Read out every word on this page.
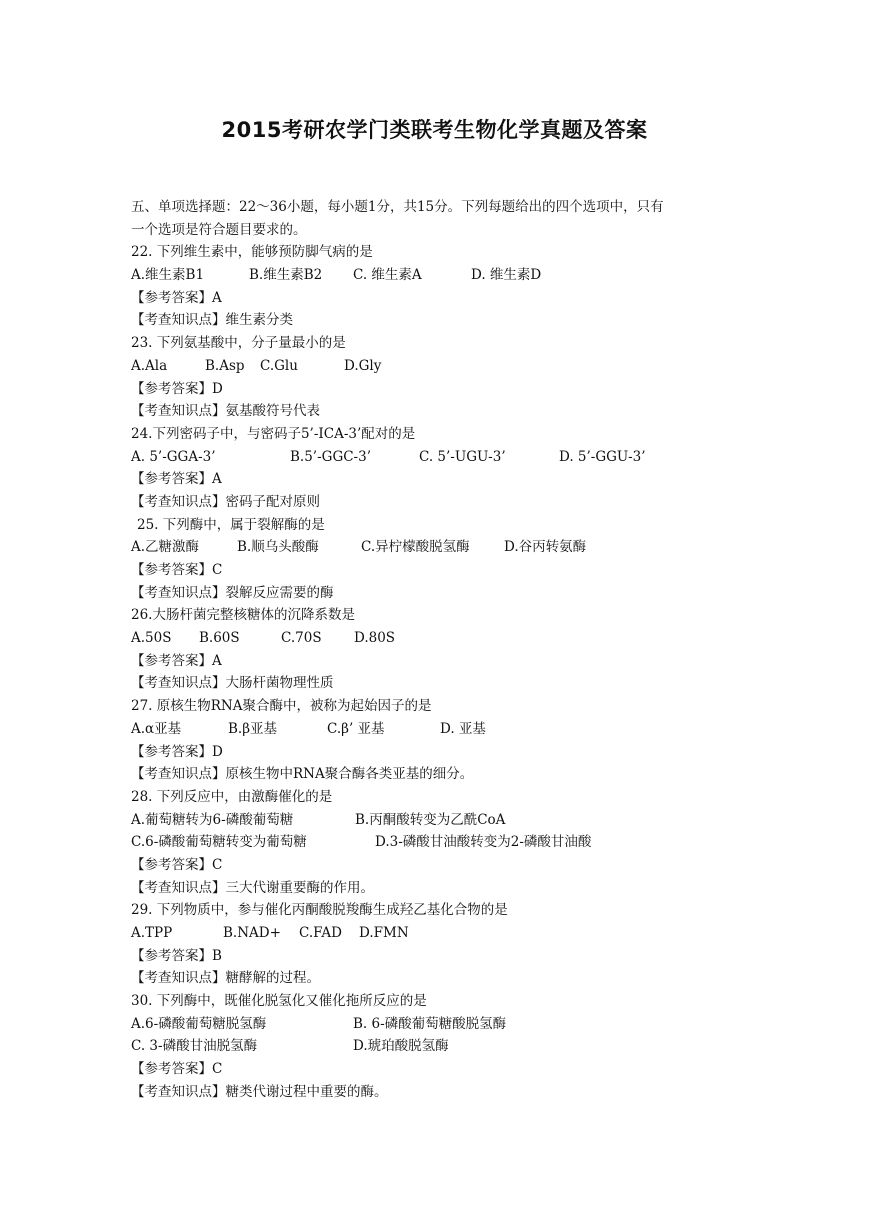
2015考研农学门类联考生物化学真题及答案
五、单项选择题：22～36小题，每小题1分，共15分。下列每题给出的四个选项中，只有
一个选项是符合题目要求的。
22. 下列维生素中，能够预防脚气病的是
A.维生素B1	B.维生素B2 C. 维生素A	D. 维生素D
【参考答案】A
【考查知识点】维生素分类
23. 下列氨基酸中，分子量最小的是
A.Ala	B.Asp C.Glu	D.Gly
【参考答案】D
【考查知识点】氨基酸符号代表
24.下列密码子中，与密码子5’-ICA-3’配对的是
A. 5’-GGA-3’	B.5’-GGC-3’	C. 5’-UGU-3’	D. 5’-GGU-3’
【参考答案】A
【考查知识点】密码子配对原则
25. 下列酶中，属于裂解酶的是
A.乙糖激酶	B.顺乌头酸酶	C.异柠檬酸脱氢酶	D.谷丙转氨酶
【参考答案】C
【考查知识点】裂解反应需要的酶
26.大肠杆菌完整核糖体的沉降系数是
A.50S B.60S	C.70S D.80S
【参考答案】A
【考查知识点】大肠杆菌物理性质
27. 原核生物RNA聚合酶中，被称为起始因子的是
A.α亚基	B.β亚基	C.β’ 亚基	D. 亚基
【参考答案】D
【考查知识点】原核生物中RNA聚合酶各类亚基的细分。
28. 下列反应中，由激酶催化的是
A.葡萄糖转为6-磷酸葡萄糖	B.丙酮酸转变为乙酰CoA
C.6-磷酸葡萄糖转变为葡萄糖	D.3-磷酸甘油酸转变为2-磷酸甘油酸
【参考答案】C
【考查知识点】三大代谢重要酶的作用。
29. 下列物质中，参与催化丙酮酸脱羧酶生成羟乙基化合物的是
A.TPP	B.NAD+ C.FAD D.FMN
【参考答案】B
【考查知识点】糖酵解的过程。
30. 下列酶中，既催化脱氢化又催化拖所反应的是
A.6-磷酸葡萄糖脱氢酶	B. 6-磷酸葡萄糖酸脱氢酶
C. 3-磷酸甘油脱氢酶	D.琥珀酸脱氢酶
【参考答案】C
【考查知识点】糖类代谢过程中重要的酶。
